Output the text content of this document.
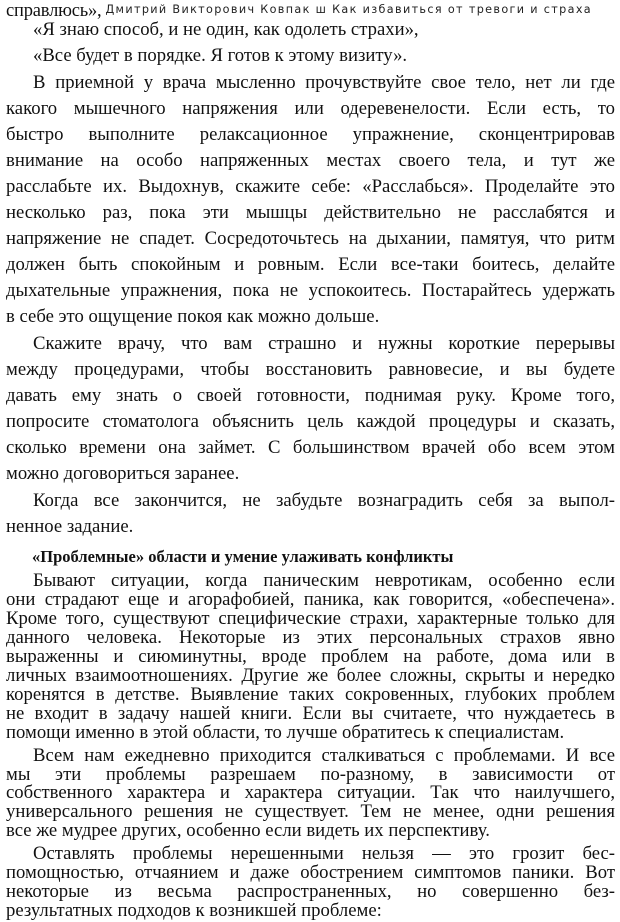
справлюсь», Дмитрий Викторович Ковпак ш Как избавиться от тревоги и страха
«Я знаю способ, и не один, как одолеть страхи»,
«Все будет в порядке. Я готов к этому визиту».
В приемной у врача мысленно прочувствуйте свое тело, нет ли где
какого мышечного напряжения или одеревенелости. Если есть, то
быстро выполните релаксационное упражнение, сконцентрировав
внимание на особо напряженных местах своего тела, и тут же
расслабьте их. Выдохнув, скажите себе: «Расслабься». Проделайте это
несколько раз, пока эти мышцы действительно не расслабятся и
напряжение не спадет. Сосредоточьтесь на дыхании, памятуя, что ритм
должен быть спокойным и ровным. Если все-таки боитесь, делайте
дыхательные упражнения, пока не успокоитесь. Постарайтесь удержать
в себе это ощущение покоя как можно дольше.
Скажите врачу, что вам страшно и нужны короткие перерывы
между процедурами, чтобы восстановить равновесие, и вы будете
давать ему знать о своей готовности, поднимая руку. Кроме того,
попросите стоматолога объяснить цель каждой процедуры и сказать,
сколько времени она займет. С большинством врачей обо всем этом
можно договориться заранее.
Когда все закончится, не забудьте вознаградить себя за выпол-
ненное задание.
«Проблемные» области и умение улаживать конфликты
Бывают ситуации, когда паническим невротикам, особенно если
они страдают еще и агорафобией, паника, как говорится, «обеспечена».
Кроме того, существуют специфические страхи, характерные только для
данного человека. Некоторые из этих персональных страхов явно
выраженны и сиюминутны, вроде проблем на работе, дома или в
личных взаимоотношениях. Другие же более сложны, скрыты и нередко
коренятся в детстве. Выявление таких сокровенных, глубоких проблем
не входит в задачу нашей книги. Если вы считаете, что нуждаетесь в
помощи именно в этой области, то лучше обратитесь к специалистам.
Всем нам ежедневно приходится сталкиваться с проблемами. И все
мы эти проблемы разрешаем по-разному, в зависимости от
собственного характера и характера ситуации. Так что наилучшего,
универсального решения не существует. Тем не менее, одни решения
все же мудрее других, особенно если видеть их перспективу.
Оставлять проблемы нерешенными нельзя — это грозит бес-
помощностью, отчаянием и даже обострением симптомов паники. Вот
некоторые из весьма распространенных, но совершенно без-
результатных подходов к возникшей проблеме:
